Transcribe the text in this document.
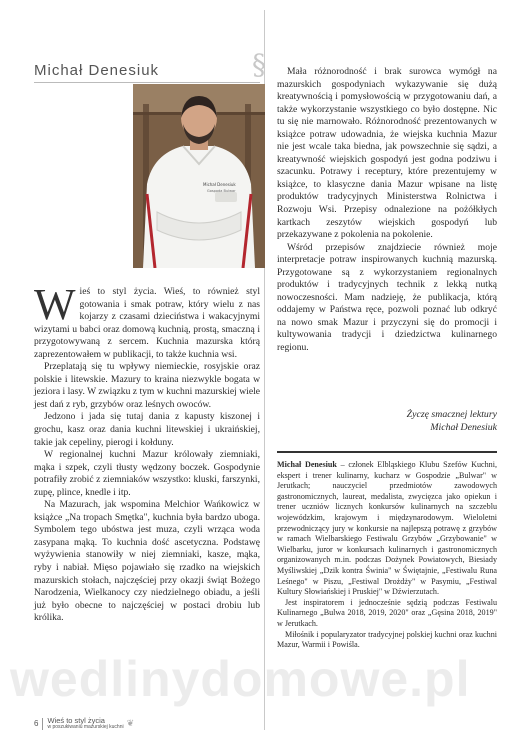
Michał Denesiuk	§
Michał Denesiuk
Gospoda Bulwar

Wieś to styl życia. Wieś, to również styl gotowania i smak potraw, który wielu z nas kojarzy z czasami dzieciństwa i wakacyjnymi wizytami u babci oraz domową kuchnią, prostą, smaczną i przygotowywaną z sercem. Kuchnia mazurska którą zaprezentowałem w publikacji, to także kuchnia wsi.

Przeplatają się tu wpływy niemieckie, rosyjskie oraz polskie i litewskie. Mazury to kraina niezwykle bogata w jeziora i lasy. W związku z tym w kuchni mazurskiej wiele jest dań z ryb, grzybów oraz leśnych owoców.

Jedzono i jada się tutaj dania z kapusty kiszonej i grochu, kasz oraz dania kuchni litewskiej i ukraińskiej, takie jak cepeliny, pierogi i kołduny.

W regionalnej kuchni Mazur królowały ziemniaki, mąka i szpek, czyli tłusty wędzony boczek. Gospodynie potrafiły zrobić z ziemniaków wszystko: kluski, farszynki, zupę, plince, knedle i itp.

Na Mazurach, jak wspomina Melchior Wańkowicz w książce „Na tropach Smętka", kuchnia była bardzo uboga. Symbolem tego ubóstwa jest muza, czyli wrząca woda zasypana mąką. To kuchnia dość ascetyczna. Podstawę wyżywienia stanowiły w niej ziemniaki, kasze, mąka, ryby i nabiał. Mięso pojawiało się rzadko na wiejskich mazurskich stołach, najczęściej przy okazji świąt Bożego Narodzenia, Wielkanocy czy niedzielnego obiadu, a jeśli już było obecne to najczęściej w postaci drobiu lub królika.

Mała różnorodność i brak surowca wymógł na mazurskich gospodyniach wykazywanie się dużą kreatywnością i pomysłowością w przygotowaniu dań, a także wykorzystanie wszystkiego co było dostępne. Nic tu się nie marnowało. Różnorodność prezentowanych w książce potraw udowadnia, że wiejska kuchnia Mazur nie jest wcale taka biedna, jak powszechnie się sądzi, a kreatywność wiejskich gospodyń jest godna podziwu i szacunku. Potrawy i receptury, które prezentujemy w książce, to klasyczne dania Mazur wpisane na listę produktów tradycyjnych Ministerstwa Rolnictwa i Rozwoju Wsi. Przepisy odnalezione na pożółkłych kartkach zeszytów wiejskich gospodyń lub przekazywane z pokolenia na pokolenie.

Wśród przepisów znajdziecie również moje interpretacje potraw inspirowanych kuchnią mazurską. Przygotowane są z wykorzystaniem regionalnych produktów i tradycyjnych technik z lekką nutką nowoczesności. Mam nadzieję, że publikacja, którą oddajemy w Państwa ręce, pozwoli poznać lub odkryć na nowo smak Mazur i przyczyni się do promocji i kultywowania tradycji i dziedzictwa kulinarnego regionu.

Życzę smacznej lektury
Michał Denesiuk

Michał Denesiuk – członek Elbląskiego Klubu Szefów Kuchni, ekspert i trener kulinarny, kucharz w Gospodzie „Bulwar" w Jerutkach; nauczyciel przedmiotów zawodowych gastronomicznych, laureat, medalista, zwycięzca jako opiekun i trener uczniów licznych konkursów kulinarnych na szczeblu wojewódzkim, krajowym i międzynarodowym. Wieloletni przewodniczący jury w konkursie na najlepszą potrawę z grzybów w ramach Wielbarskiego Festiwalu Grzybów „Grzybowanie" w Wielbarku, juror w konkursach kulinarnych i gastronomicznych organizowanych m.in. podczas Dożynek Powiatowych, Biesiady Myśliwskiej „Dzik kontra Świnia" w Świętajnie, „Festiwalu Runa Leśnego" w Piszu, „Festiwal Drożdży" w Pasymiu, „Festiwal Kultury Słowiańskiej i Pruskiej" w Dźwierzutach.

Jest inspiratorem i jednocześnie sędzią podczas Festiwalu Kulinarnego „Bulwa 2018, 2019, 2020" oraz „Gęsina 2018, 2019" w Jerutkach.

Miłośnik i popularyzator tradycyjnej polskiej kuchni oraz kuchni Mazur, Warmii i Powiśla.

wedlinydomowe.pl
6 Wieś to styl życia
w poszukiwaniu mazurskiej kuchni ❦
